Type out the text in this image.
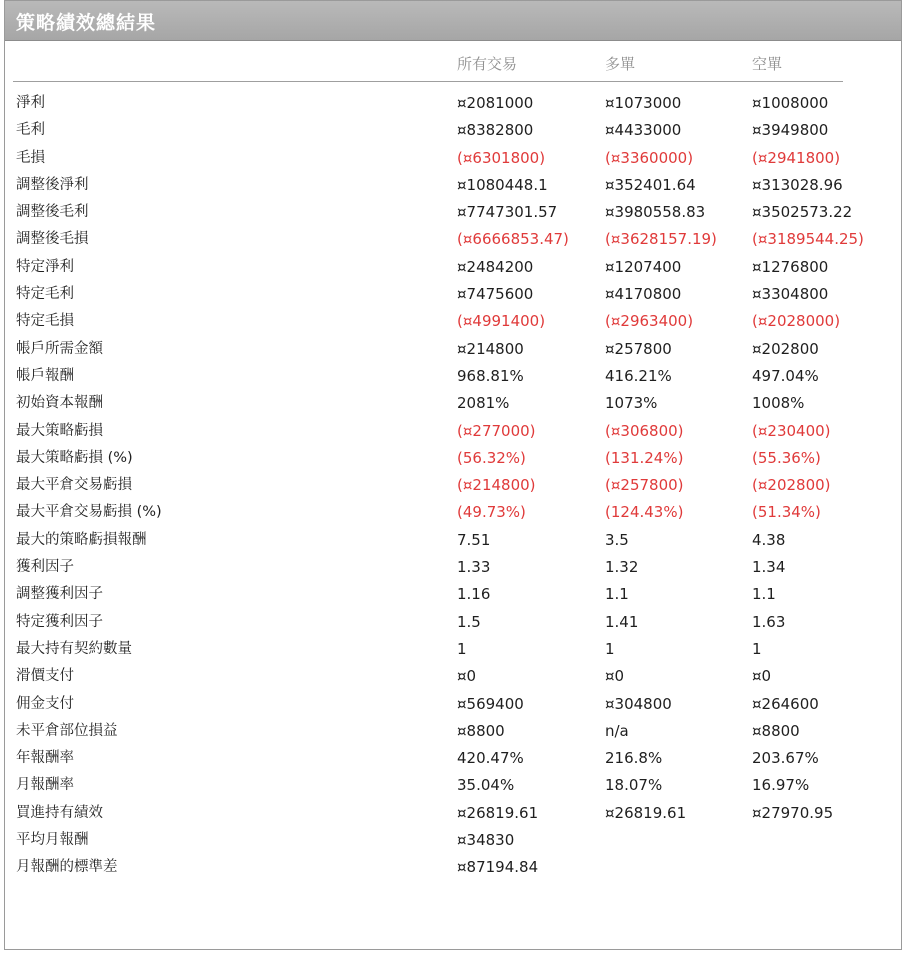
策略績效總結果
所有交易	多單	空單
淨利	¤2081000	¤1073000	¤1008000
毛利	¤8382800	¤4433000	¤3949800
毛損	(¤6301800)	(¤3360000)	(¤2941800)
調整後淨利	¤1080448.1	¤352401.64	¤313028.96
調整後毛利	¤7747301.57	¤3980558.83	¤3502573.22
調整後毛損	(¤6666853.47) (¤3628157.19) (¤3189544.25)
特定淨利	¤2484200	¤1207400	¤1276800
特定毛利	¤7475600	¤4170800	¤3304800
特定毛損	(¤4991400)	(¤2963400)	(¤2028000)
帳戶所需金額	¤214800	¤257800	¤202800
帳戶報酬	968.81%	416.21%	497.04%
初始資本報酬	2081%	1073%	1008%
最大策略虧損	(¤277000)	(¤306800)	(¤230400)
最大策略虧損 (%)	(56.32%)	(131.24%)	(55.36%)
最大平倉交易虧損	(¤214800)	(¤257800)	(¤202800)
最大平倉交易虧損 (%)	(49.73%)	(124.43%)	(51.34%)
最大的策略虧損報酬	7.51	3.5	4.38
獲利因子	1.33	1.32	1.34
調整獲利因子	1.16	1.1	1.1
特定獲利因子	1.5	1.41	1.63
最大持有契約數量	1	1	1
滑價支付	¤0	¤0	¤0
佣金支付	¤569400	¤304800	¤264600
未平倉部位損益	¤8800	n/a	¤8800
年報酬率	420.47%	216.8%	203.67%
月報酬率	35.04%	18.07%	16.97%
買進持有績效	¤26819.61	¤26819.61	¤27970.95
平均月報酬	¤34830
月報酬的標準差	¤87194.84
